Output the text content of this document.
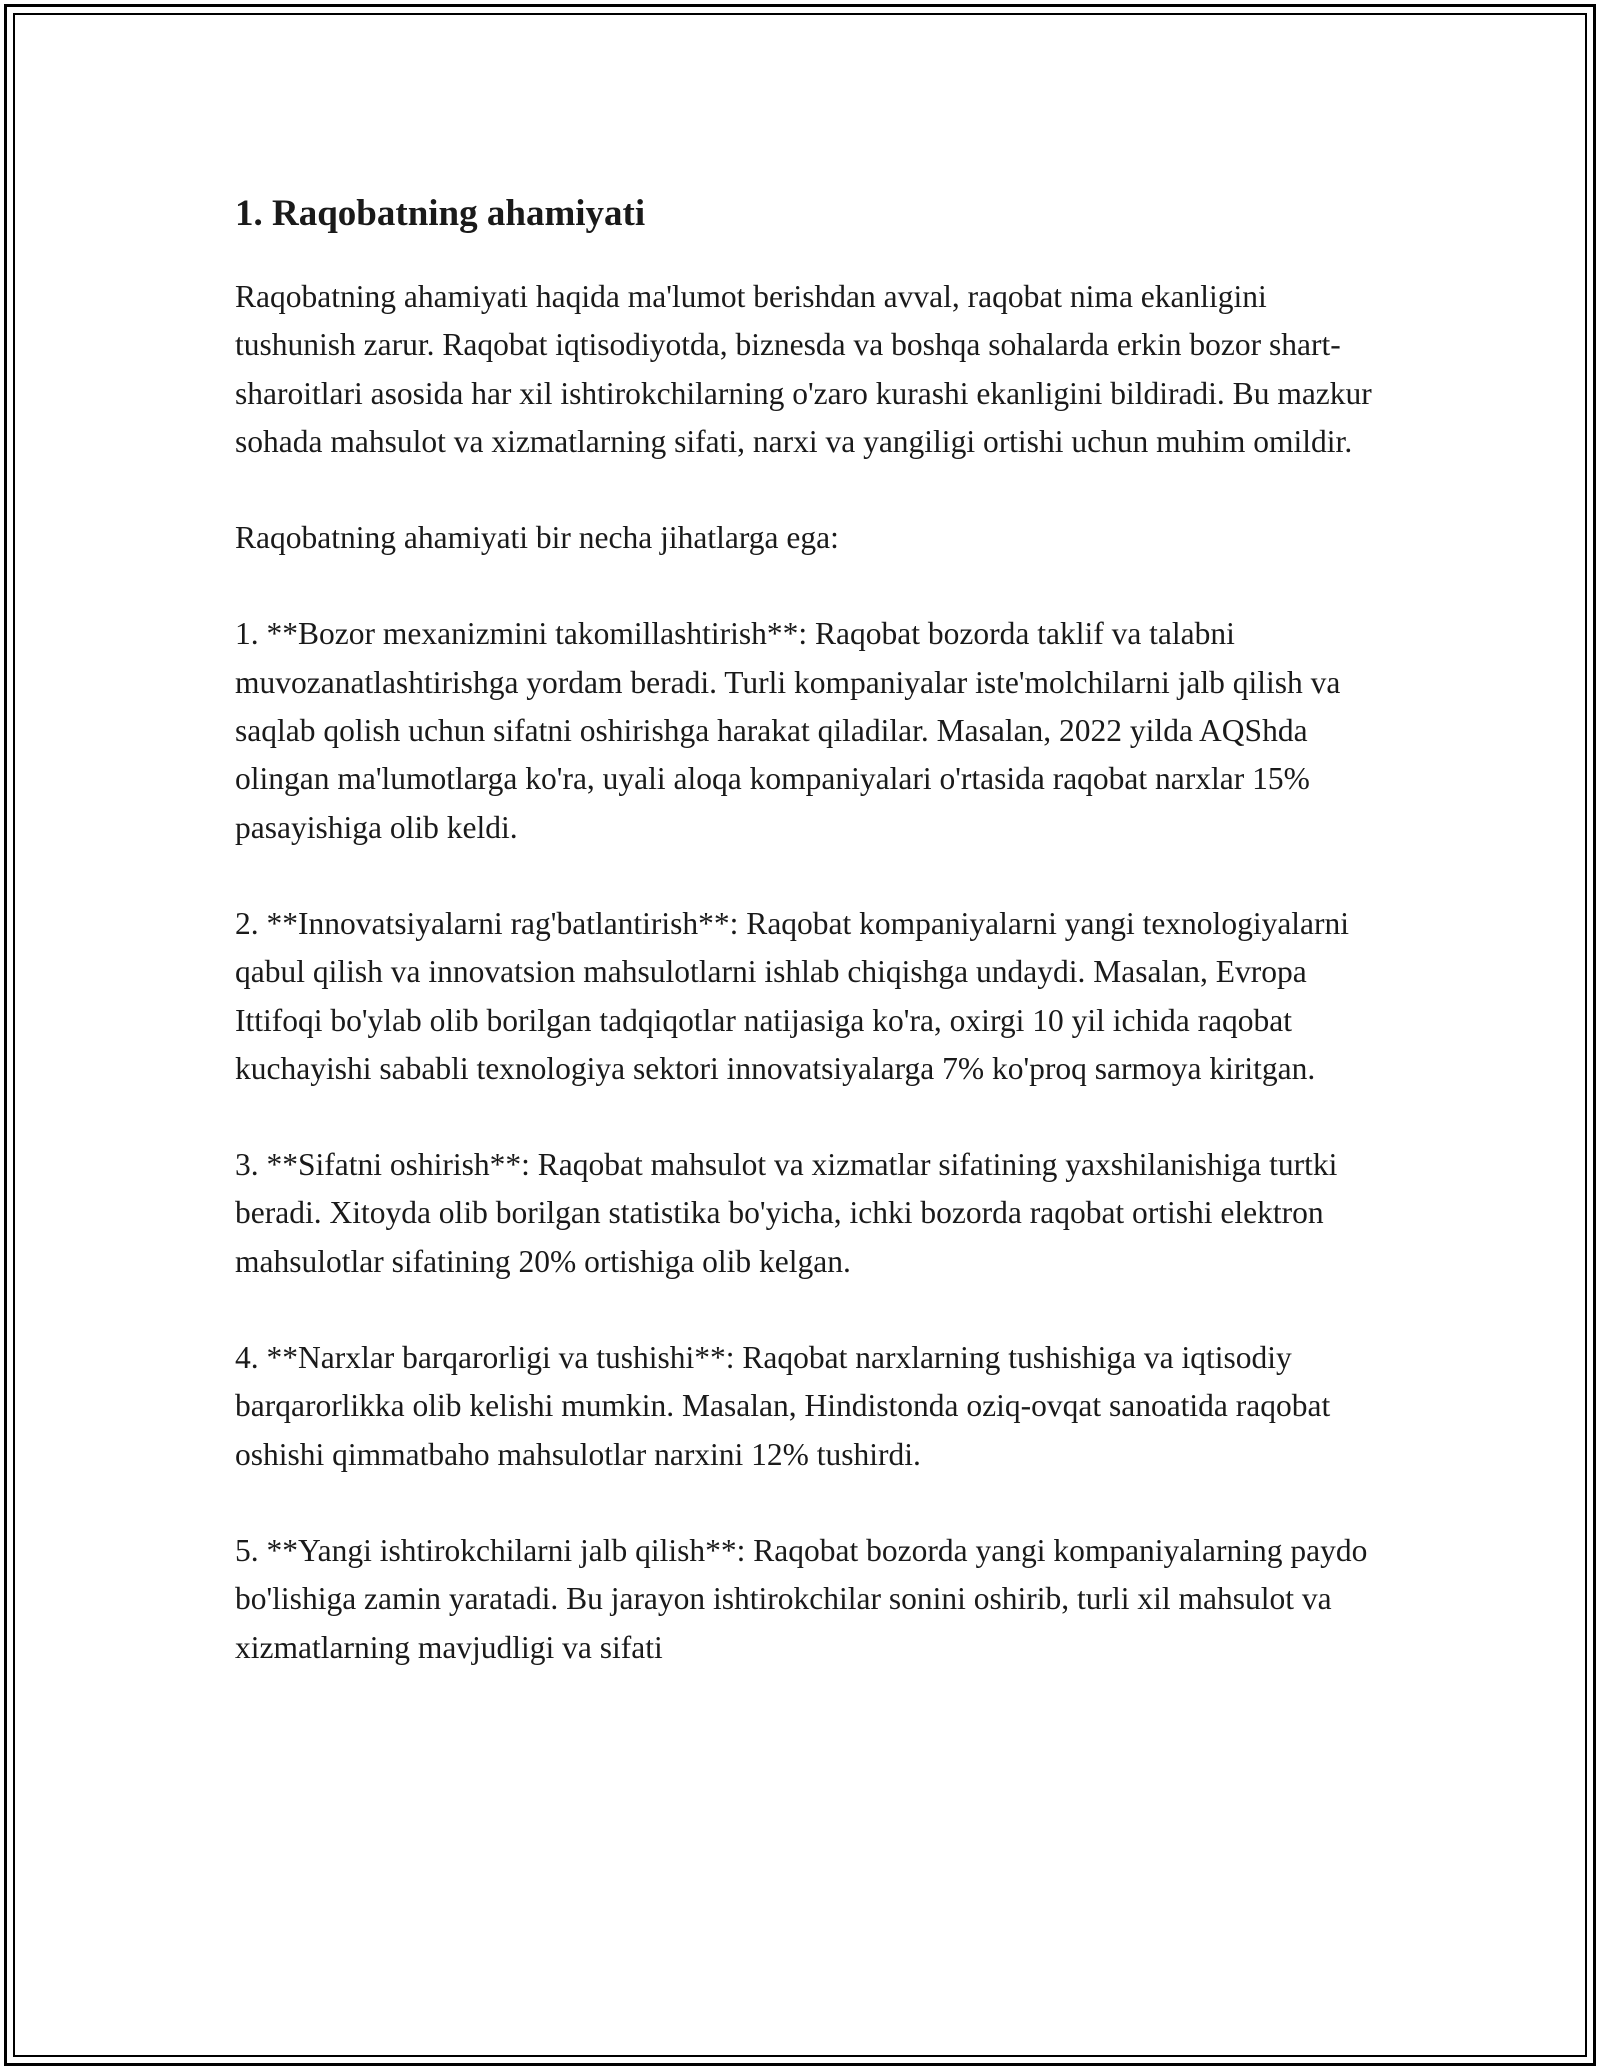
1. Raqobatning ahamiyati

Raqobatning ahamiyati haqida ma'lumot berishdan avval, raqobat nima ekanligini tushunish zarur. Raqobat iqtisodiyotda, biznesda va boshqa sohalarda erkin bozor shart-sharoitlari asosida har xil ishtirokchilarning o'zaro kurashi ekanligini bildiradi. Bu mazkur sohada mahsulot va xizmatlarning sifati, narxi va yangiligi ortishi uchun muhim omildir.

Raqobatning ahamiyati bir necha jihatlarga ega:

1. **Bozor mexanizmini takomillashtirish**: Raqobat bozorda taklif va talabni muvozanatlashtirishga yordam beradi. Turli kompaniyalar iste'molchilarni jalb qilish va saqlab qolish uchun sifatni oshirishga harakat qiladilar. Masalan, 2022 yilda AQShda olingan ma'lumotlarga ko'ra, uyali aloqa kompaniyalari o'rtasida raqobat narxlar 15% pasayishiga olib keldi.

2. **Innovatsiyalarni rag'batlantirish**: Raqobat kompaniyalarni yangi texnologiyalarni qabul qilish va innovatsion mahsulotlarni ishlab chiqishga undaydi. Masalan, Evropa Ittifoqi bo'ylab olib borilgan tadqiqotlar natijasiga ko'ra, oxirgi 10 yil ichida raqobat kuchayishi sababli texnologiya sektori innovatsiyalarga 7% ko'proq sarmoya kiritgan.

3. **Sifatni oshirish**: Raqobat mahsulot va xizmatlar sifatining yaxshilanishiga turtki beradi. Xitoyda olib borilgan statistika bo'yicha, ichki bozorda raqobat ortishi elektron mahsulotlar sifatining 20% ortishiga olib kelgan.

4. **Narxlar barqarorligi va tushishi**: Raqobat narxlarning tushishiga va iqtisodiy barqarorlikka olib kelishi mumkin. Masalan, Hindistonda oziq-ovqat sanoatida raqobat oshishi qimmatbaho mahsulotlar narxini 12% tushirdi.

5. **Yangi ishtirokchilarni jalb qilish**: Raqobat bozorda yangi kompaniyalarning paydo bo'lishiga zamin yaratadi. Bu jarayon ishtirokchilar sonini oshirib, turli xil mahsulot va xizmatlarning mavjudligi va sifati
